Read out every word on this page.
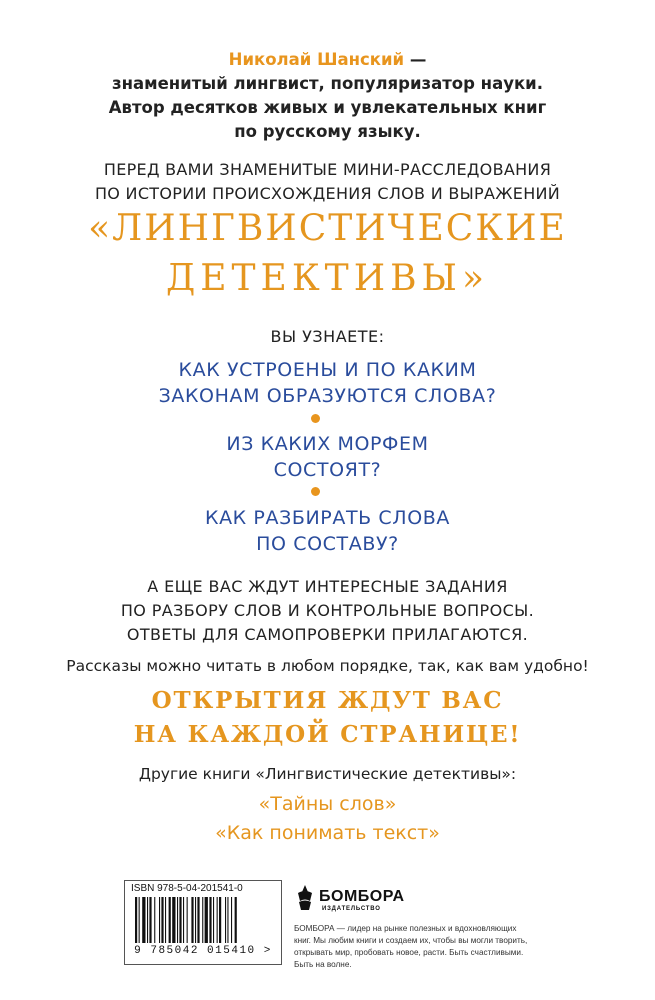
Николай Шанский —
знаменитый лингвист, популяризатор науки.
Автор десятков живых и увлекательных книг
по русскому языку.
ПЕРЕД ВАМИ ЗНАМЕНИТЫЕ МИНИ-РАССЛЕДОВАНИЯ
ПО ИСТОРИИ ПРОИСХОЖДЕНИЯ СЛОВ И ВЫРАЖЕНИЙ
«ЛИНГВИСТИЧЕСКИЕ
ДЕТЕКТИВЫ»
ВЫ УЗНАЕТЕ:
КАК УСТРОЕНЫ И ПО КАКИМ
ЗАКОНАМ ОБРАЗУЮТСЯ СЛОВА?
ИЗ КАКИХ МОРФЕМ
СОСТОЯТ?
КАК РАЗБИРАТЬ СЛОВА
ПО СОСТАВУ?
А ЕЩЕ ВАС ЖДУТ ИНТЕРЕСНЫЕ ЗАДАНИЯ
ПО РАЗБОРУ СЛОВ И КОНТРОЛЬНЫЕ ВОПРОСЫ.
ОТВЕТЫ ДЛЯ САМОПРОВЕРКИ ПРИЛАГАЮТСЯ.
Рассказы можно читать в любом порядке, так, как вам удобно!
ОТКРЫТИЯ ЖДУТ ВАС
НА КАЖДОЙ СТРАНИЦЕ!
Другие книги «Лингвистические детективы»:
«Тайны слов»
«Как понимать текст»
ISBN 978-5-04-201541-0
9 785042 015410 >
БОМБОРА
ИЗДАТЕЛЬСТВО
БОМБОРА — лидер на рынке полезных и вдохновляющих книг. Мы любим книги и создаем их, чтобы вы могли творить, открывать мир, пробовать новое, расти. Быть счастливыми. Быть на волне.
